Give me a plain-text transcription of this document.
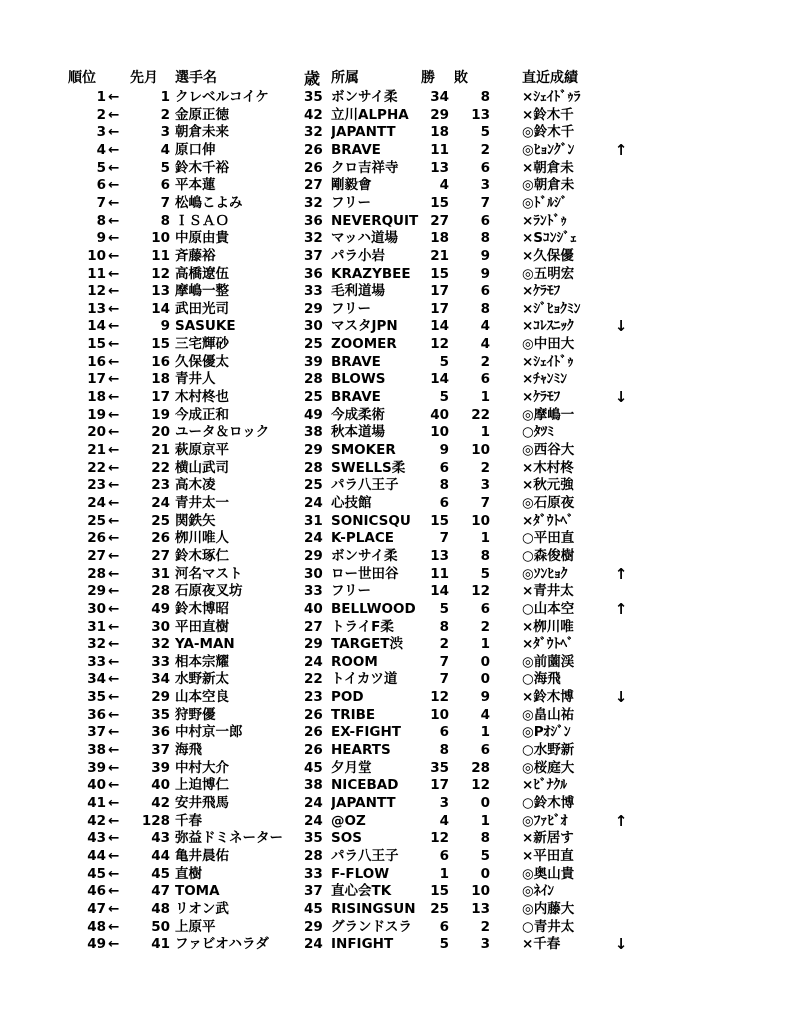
順位 先月 選手名	歳 所属	勝 敗	直近成績
1 ←	1 クレベルコイケ	35 ボンサイ柔	34	8 ×ｼｪｲﾄﾞｩﾗ
2 ←	2 金原正徳	42 立川ALPHA	29	13 ×鈴木千
3 ←	3 朝倉未来	32 JAPANTT	18	5 ◎鈴木千
4 ←	4 原口伸	26 BRAVE	11	2 ◎ﾋｮﾝｸﾞﾝ	↑
5 ←	5 鈴木千裕	26 クロ吉祥寺	13	6 ×朝倉未
6 ←	6 平本蓮	27 剛毅會	4	3 ◎朝倉未
7 ←	7 松嶋こよみ	32 フリー	15	7 ◎ﾄﾞﾙｼﾞ
8 ←	8 ＩＳＡＯ	36 NEVERQUIT 27	6 ×ﾗﾝﾄﾞｩ
9 ←	10 中原由貴	32 マッハ道場	18	8 ×Sｺﾝｼﾞｪ
10 ←	11 斉藤裕	37 パラ小岩	21	9 ×久保優
11 ←	12 高橋遼伍	36 KRAZYBEE	15	9 ◎五明宏
12 ←	13 摩嶋一整	33 毛利道場	17	6 ×ｹﾗﾓﾌ
13 ←	14 武田光司	29 フリー	17	8 ×ｼﾞﾋｮｸﾐﾝ
14 ←	9 SASUKE	30 マスタJPN	14	4 ×ｺﾚｽﾆｯｸ	↓
15 ←	15 三宅輝砂	25 ZOOMER	12	4 ◎中田大
16 ←	16 久保優太	39 BRAVE	5	2 ×ｼｪｲﾄﾞｩ
17 ←	18 青井人	28 BLOWS	14	6 ×ﾁｬﾝﾐﾝ
18 ←	17 木村柊也	25 BRAVE	5	1 ×ｹﾗﾓﾌ	↓
19 ←	19 今成正和	49 今成柔術	40	22 ◎摩嶋一
20 ←	20 ユータ＆ロック	38 秋本道場	10	1 ○ﾀﾂﾐ
21 ←	21 萩原京平	29 SMOKER	9	10 ◎西谷大
22 ←	22 横山武司	28 SWELLS柔	6	2 ×木村柊
23 ←	23 高木凌	25 パラ八王子	8	3 ×秋元強
24 ←	24 青井太一	24 心技館	6	7 ◎石原夜
25 ←	25 関鉄矢	31 SONICSQU	15	10 ×ﾀﾞｳﾄﾍﾞ
26 ←	26 栁川唯人	24 K-PLACE	7	1 ○平田直
27 ←	27 鈴木琢仁	29 ボンサイ柔	13	8 ○森俊樹
28 ←	31 河名マスト	30 ロー世田谷	11	5 ◎ｿﾝﾋｮｸ	↑
29 ←	28 石原夜叉坊	33 フリー	14	12 ×青井太
30 ←	49 鈴木博昭	40 BELLWOOD	5	6 ○山本空	↑
31 ←	30 平田直樹	27 トライF柔	8	2 ×栁川唯
32 ←	32 YA-MAN	29 TARGET渋	2	1 ×ﾀﾞｳﾄﾍﾞ
33 ←	33 相本宗耀	24 ROOM	7	0 ◎前薗渓
34 ←	34 水野新太	22 トイカツ道	7	0 ○海飛
35 ←	29 山本空良	23 PОD	12	9 ×鈴木博	↓
36 ←	35 狩野優	26 TRIBE	10	4 ◎畠山祐
37 ←	36 中村京一郎	26 EX-FIGHT	6	1 ◎Pｵｼﾞﾝ
38 ←	37 海飛	26 HEARTS	8	6 ○水野新
39 ←	39 中村大介	45 夕月堂	35	28 ◎桜庭大
40 ←	40 上迫博仁	38 NICEBAD	17	12 ×ﾋﾞﾅｸﾙ
41 ←	42 安井飛馬	24 JAPANTT	3	0 ○鈴木博
42 ←	128 千春	24 @OZ	4	1 ◎ﾌｧﾋﾞｵ	↑
43 ←	43 弥益ドミネーター	35 SOS	12	8 ×新居す
44 ←	44 亀井晨佑	28 パラ八王子	6	5 ×平田直
45 ←	45 直樹	33 F-FLOW	1	0 ◎奥山貴
46 ←	47 TOMA	37 直心会TK	15	10 ◎ﾈｲﾝ
47 ←	48 リオン武	45 RISINGSUN	25	13 ◎内藤大
48 ←	50 上原平	29 グランドスラ	6	2 ○青井太
49 ←	41 ファビオハラダ	24 INFIGHT	5	3 ×千春	↓
